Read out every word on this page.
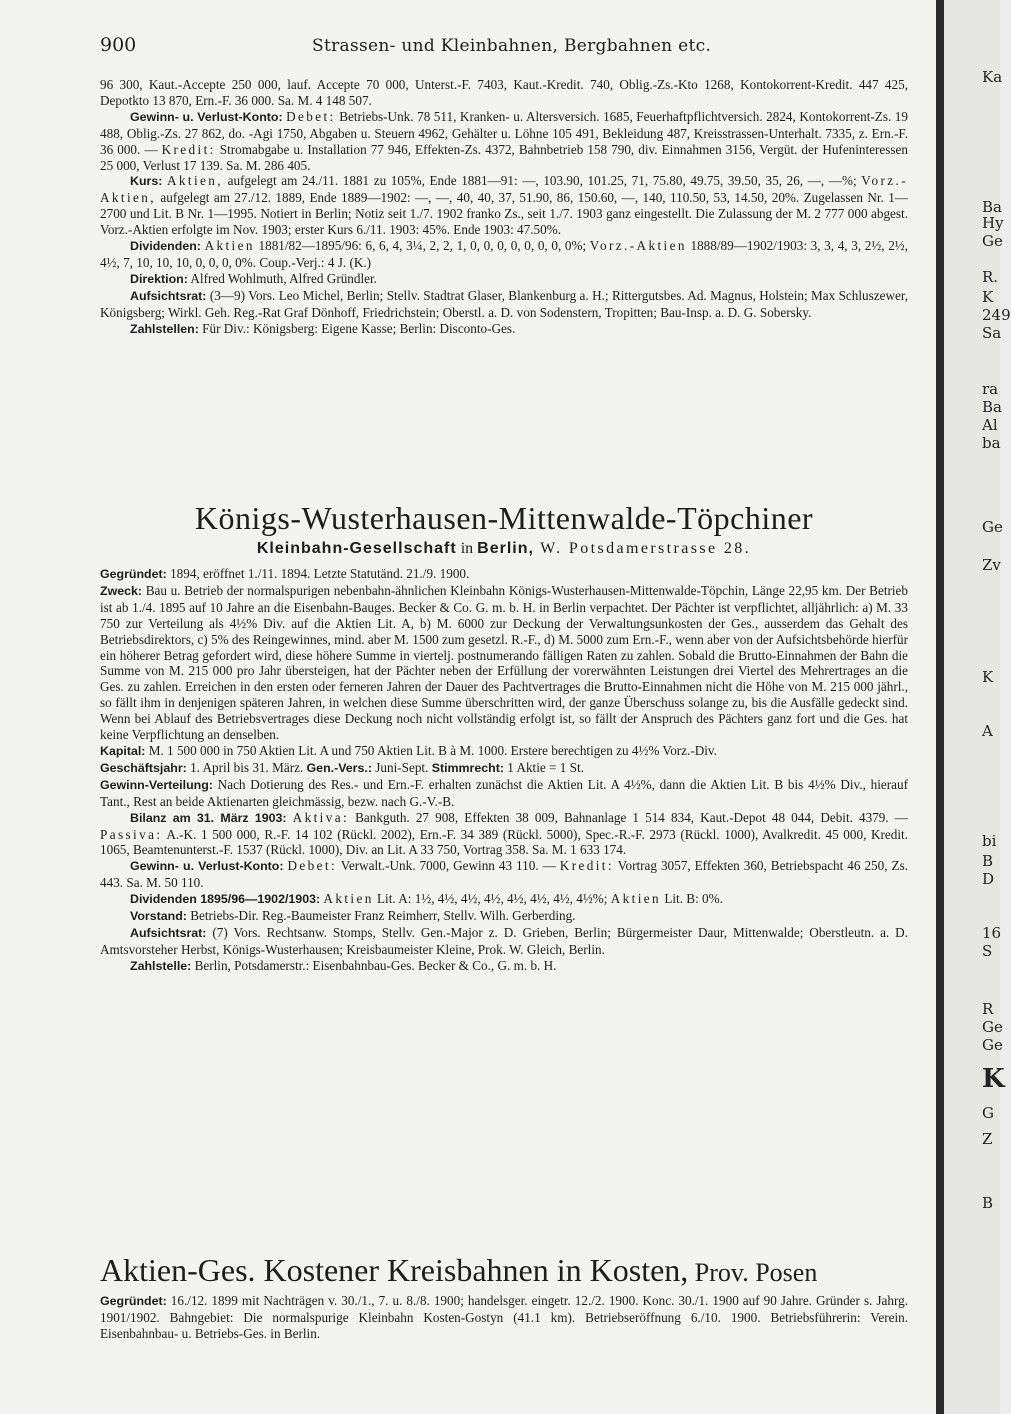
900	Strassen- und Kleinbahnen, Bergbahnen etc.

96 300, Kaut.-Accepte 250 000, lauf. Accepte 70 000, Unterst.-F. 7403, Kaut.-Kredit. 740, Oblig.-Zs.-Kto 1268, Kontokorrent-Kredit. 447 425, Depotkto 13 870, Ern.-F. 36 000. Sa. M. 4 148 507.

Gewinn- u. Verlust-Konto: Debet: Betriebs-Unk. 78 511, Kranken- u. Altersversich. 1685, Feuerhaftpflichtversich. 2824, Kontokorrent-Zs. 19 488, Oblig.-Zs. 27 862, do. -Agi 1750, Abgaben u. Steuern 4962, Gehälter u. Löhne 105 491, Bekleidung 487, Kreisstrassen-Unterhalt. 7335, z. Ern.-F. 36 000. — Kredit: Stromabgabe u. Installation 77 946, Effekten-Zs. 4372, Bahnbetrieb 158 790, div. Einnahmen 3156, Vergüt. der Hufeninteressen 25 000, Verlust 17 139. Sa. M. 286 405.

Kurs: Aktien, aufgelegt am 24./11. 1881 zu 105%, Ende 1881—91: —, 103.90, 101.25, 71, 75.80, 49.75, 39.50, 35, 26, —, —%; Vorz.-Aktien, aufgelegt am 27./12. 1889, Ende 1889—1902: —, —, 40, 40, 37, 51.90, 86, 150.60, —, 140, 110.50, 53, 14.50, 20%. Zugelassen Nr. 1—2700 und Lit. B Nr. 1—1995. Notiert in Berlin; Notiz seit 1./7. 1902 franko Zs., seit 1./7. 1903 ganz eingestellt. Die Zulassung der M. 2 777 000 abgest. Vorz.-Aktien erfolgte im Nov. 1903; erster Kurs 6./11. 1903: 45%. Ende 1903: 47.50%.

Dividenden: Aktien 1881/82—1895/96: 6, 6, 4, 3¼, 2, 2, 1, 0, 0, 0, 0, 0, 0, 0, 0%; Vorz.-Aktien 1888/89—1902/1903: 3, 3, 4, 3, 2½, 2½, 4½, 7, 10, 10, 10, 0, 0, 0, 0%. Coup.-Verj.: 4 J. (K.)

Direktion: Alfred Wohlmuth, Alfred Gründler.

Aufsichtsrat: (3—9) Vors. Leo Michel, Berlin; Stellv. Stadtrat Glaser, Blankenburg a. H.; Rittergutsbes. Ad. Magnus, Holstein; Max Schluszewer, Königsberg; Wirkl. Geh. Reg.-Rat Graf Dönhoff, Friedrichstein; Oberstl. a. D. von Sodenstern, Tropitten; Bau-Insp. a. D. G. Sobersky.

Zahlstellen: Für Div.: Königsberg: Eigene Kasse; Berlin: Disconto-Ges.

Königs-Wusterhausen-Mittenwalde-Töpchiner
Kleinbahn-Gesellschaft in Berlin, W. Potsdamerstrasse 28.

Gegründet: 1894, eröffnet 1./11. 1894. Letzte Statutänd. 21./9. 1900.

Zweck: Bau u. Betrieb der normalspurigen nebenbahn-ähnlichen Kleinbahn Königs-Wusterhausen-Mittenwalde-Töpchin, Länge 22,95 km. Der Betrieb ist ab 1./4. 1895 auf 10 Jahre an die Eisenbahn-Bauges. Becker & Co. G. m. b. H. in Berlin verpachtet. Der Pächter ist verpflichtet, alljährlich: a) M. 33 750 zur Verteilung als 4½% Div. auf die Aktien Lit. A, b) M. 6000 zur Deckung der Verwaltungsunkosten der Ges., ausserdem das Gehalt des Betriebsdirektors, c) 5% des Reingewinnes, mind. aber M. 1500 zum gesetzl. R.-F., d) M. 5000 zum Ern.-F., wenn aber von der Aufsichtsbehörde hierfür ein höherer Betrag gefordert wird, diese höhere Summe in viertelj. postnumerando fälligen Raten zu zahlen. Sobald die Brutto-Einnahmen der Bahn die Summe von M. 215 000 pro Jahr übersteigen, hat der Pächter neben der Erfüllung der vorerwähnten Leistungen drei Viertel des Mehrertrages an die Ges. zu zahlen. Erreichen in den ersten oder ferneren Jahren der Dauer des Pachtvertrages die Brutto-Einnahmen nicht die Höhe von M. 215 000 jährl., so fällt ihm in denjenigen späteren Jahren, in welchen diese Summe überschritten wird, der ganze Überschuss solange zu, bis die Ausfälle gedeckt sind. Wenn bei Ablauf des Betriebsvertrages diese Deckung noch nicht vollständig erfolgt ist, so fällt der Anspruch des Pächters ganz fort und die Ges. hat keine Verpflichtung an denselben.

Kapital: M. 1 500 000 in 750 Aktien Lit. A und 750 Aktien Lit. B à M. 1000. Erstere berechtigen zu 4½% Vorz.-Div.

Geschäftsjahr: 1. April bis 31. März. Gen.-Vers.: Juni-Sept. Stimmrecht: 1 Aktie = 1 St.

Gewinn-Verteilung: Nach Dotierung des Res.- und Ern.-F. erhalten zunächst die Aktien Lit. A 4½%, dann die Aktien Lit. B bis 4½% Div., hierauf Tant., Rest an beide Aktienarten gleichmässig, bezw. nach G.-V.-B.

Bilanz am 31. März 1903: Aktiva: Bankguth. 27 908, Effekten 38 009, Bahnanlage 1 514 834, Kaut.-Depot 48 044, Debit. 4379. — Passiva: A.-K. 1 500 000, R.-F. 14 102 (Rückl. 2002), Ern.-F. 34 389 (Rückl. 5000), Spec.-R.-F. 2973 (Rückl. 1000), Avalkredit. 45 000, Kredit. 1065, Beamtenunterst.-F. 1537 (Rückl. 1000), Div. an Lit. A 33 750, Vortrag 358. Sa. M. 1 633 174.

Gewinn- u. Verlust-Konto: Debet: Verwalt.-Unk. 7000, Gewinn 43 110. — Kredit: Vortrag 3057, Effekten 360, Betriebspacht 46 250, Zs. 443. Sa. M. 50 110.

Dividenden 1895/96—1902/1903: Aktien Lit. A: 1½, 4½, 4½, 4½, 4½, 4½, 4½, 4½%; Aktien Lit. B: 0%.

Vorstand: Betriebs-Dir. Reg.-Baumeister Franz Reimherr, Stellv. Wilh. Gerberding.

Aufsichtsrat: (7) Vors. Rechtsanw. Stomps, Stellv. Gen.-Major z. D. Grieben, Berlin; Bürgermeister Daur, Mittenwalde; Oberstleutn. a. D. Amtsvorsteher Herbst, Königs-Wusterhausen; Kreisbaumeister Kleine, Prok. W. Gleich, Berlin.

Zahlstelle: Berlin, Potsdamerstr.: Eisenbahnbau-Ges. Becker & Co., G. m. b. H.

Aktien-Ges. Kostener Kreisbahnen in Kosten, Prov. Posen

Gegründet: 16./12. 1899 mit Nachträgen v. 30./1., 7. u. 8./8. 1900; handelsger. eingetr. 12./2. 1900. Konc. 30./1. 1900 auf 90 Jahre. Gründer s. Jahrg. 1901/1902. Bahngebiet: Die normalspurige Kleinbahn Kosten-Gostyn (41.1 km). Betriebseröffnung 6./10. 1900. Betriebsführerin: Verein. Eisenbahnbau- u. Betriebs-Ges. in Berlin.

Ka
Ba
Hy
Ge
R.
K
249
Sa
ra
Ba
Al
ba
Ge
Zv
K
A
bi
B
D
16
S
R
Ge
Ge
K
G
Z
B
